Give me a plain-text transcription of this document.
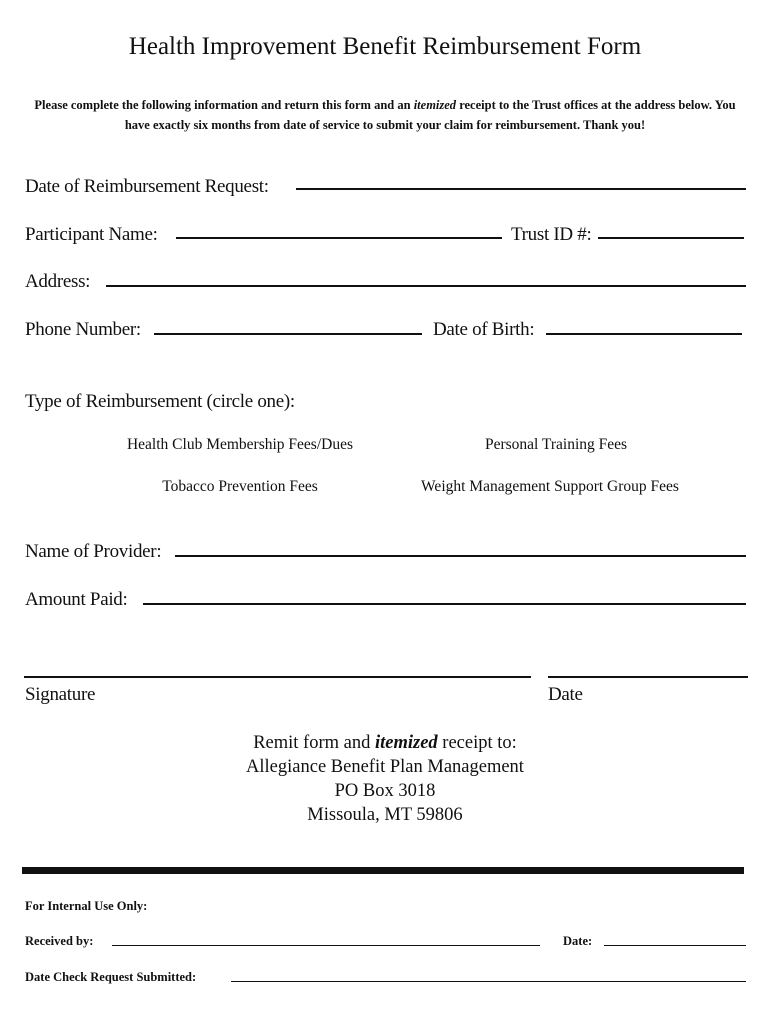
Health Improvement Benefit Reimbursement Form
Please complete the following information and return this form and an itemized receipt to the Trust offices at the address below. You have exactly six months from date of service to submit your claim for reimbursement. Thank you!
Date of Reimbursement Request:
Participant Name:	Trust ID #:
Address:
Phone Number:	Date of Birth:
Type of Reimbursement (circle one):
Health Club Membership Fees/Dues	Personal Training Fees
Tobacco Prevention Fees	Weight Management Support Group Fees
Name of Provider:
Amount Paid:
Signature	Date
Remit form and itemized receipt to:
Allegiance Benefit Plan Management
PO Box 3018
Missoula, MT 59806
For Internal Use Only:
Received by:	Date:
Date Check Request Submitted:
